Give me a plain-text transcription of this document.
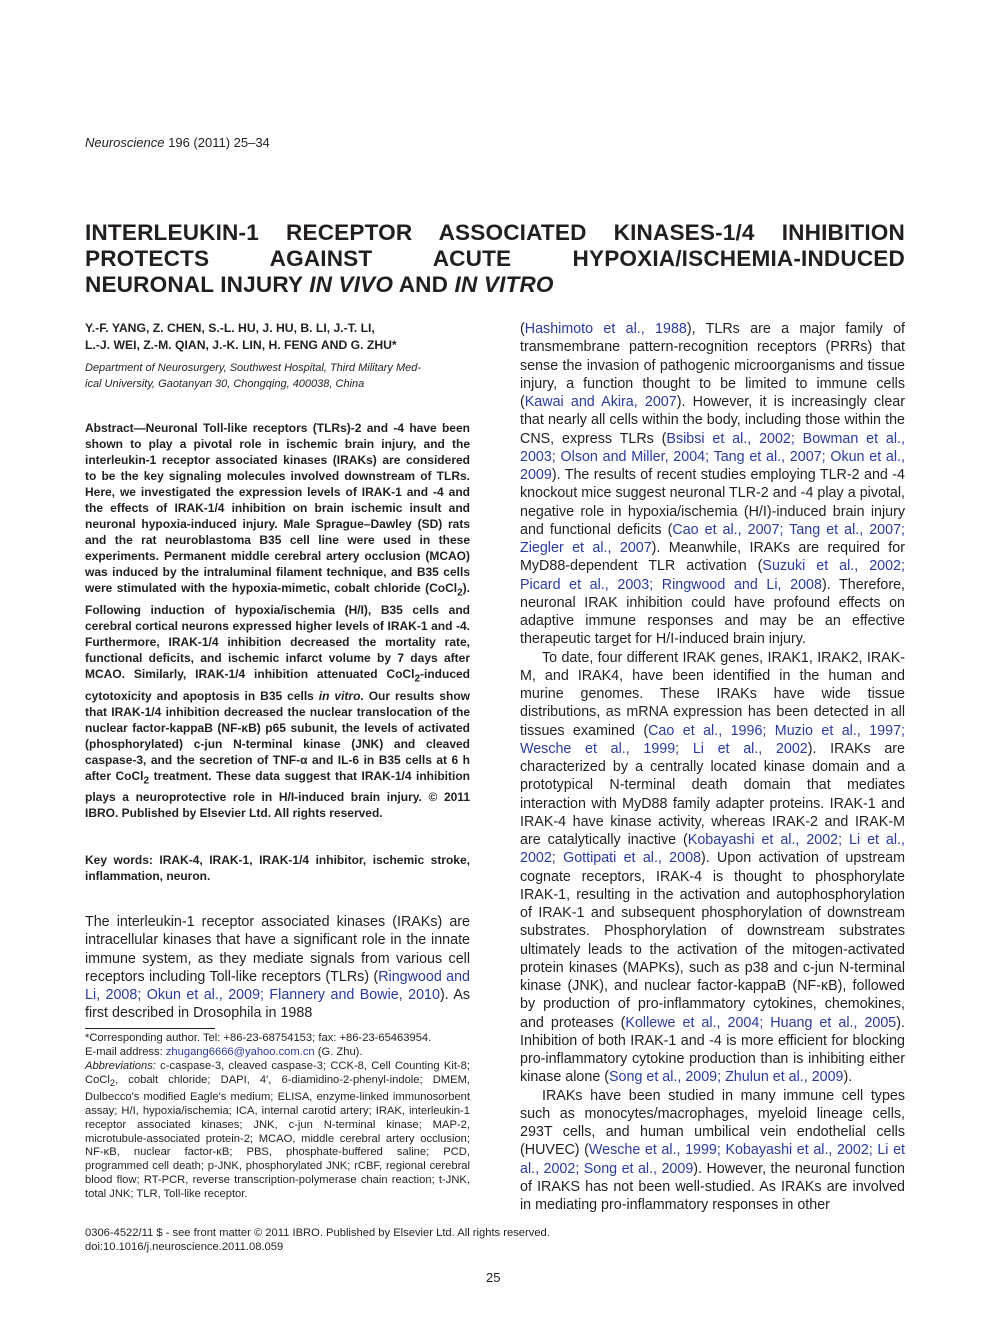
Neuroscience 196 (2011) 25–34
INTERLEUKIN-1 RECEPTOR ASSOCIATED KINASES-1/4 INHIBITION
PROTECTS AGAINST ACUTE HYPOXIA/ISCHEMIA-INDUCED
NEURONAL INJURY IN VIVO AND IN VITRO

Y.-F. YANG, Z. CHEN, S.-L. HU, J. HU, B. LI, J.-T. LI,
L.-J. WEI, Z.-M. QIAN, J.-K. LIN, H. FENG AND G. ZHU*

Department of Neurosurgery, Southwest Hospital, Third Military Med-
ical University, Gaotanyan 30, Chongqing, 400038, China

Abstract—Neuronal Toll-like receptors (TLRs)-2 and -4 have been shown to play a pivotal role in ischemic brain injury, and the interleukin-1 receptor associated kinases (IRAKs) are considered to be the key signaling molecules involved downstream of TLRs. Here, we investigated the expression levels of IRAK-1 and -4 and the effects of IRAK-1/4 inhibition on brain ischemic insult and neuronal hypoxia-induced injury. Male Sprague–Dawley (SD) rats and the rat neuroblastoma B35 cell line were used in these experiments. Permanent middle cerebral artery occlusion (MCAO) was induced by the intraluminal filament technique, and B35 cells were stimulated with the hypoxia-mimetic, cobalt chloride (CoCl$_2$). Following induction of hypoxia/ischemia (H/I), B35 cells and cerebral cortical neurons expressed higher levels of IRAK-1 and -4. Furthermore, IRAK-1/4 inhibition decreased the mortality rate, functional deficits, and ischemic infarct volume by 7 days after MCAO. Similarly, IRAK-1/4 inhibition attenuated CoCl$_2$-induced cytotoxicity and apoptosis in B35 cells in vitro. Our results show that IRAK-1/4 inhibition decreased the nuclear translocation of the nuclear factor-kappaB (NF-κB) p65 subunit, the levels of activated (phosphorylated) c-jun N-terminal kinase (JNK) and cleaved caspase-3, and the secretion of TNF-α and IL-6 in B35 cells at 6 h after CoCl$_2$ treatment. These data suggest that IRAK-1/4 inhibition plays a neuroprotective role in H/I-induced brain injury. © 2011 IBRO. Published by Elsevier Ltd. All rights reserved.

Key words: IRAK-4, IRAK-1, IRAK-1/4 inhibitor, ischemic stroke, inflammation, neuron.

The interleukin-1 receptor associated kinases (IRAKs) are intracellular kinases that have a significant role in the innate immune system, as they mediate signals from various cell receptors including Toll-like receptors (TLRs) (Ringwood and Li, 2008; Okun et al., 2009; Flannery and Bowie, 2010). As first described in Drosophila in 1988

*Corresponding author. Tel: +86-23-68754153; fax: +86-23-65463954.

E-mail address: zhugang6666@yahoo.com.cn (G. Zhu).

Abbreviations: c-caspase-3, cleaved caspase-3; CCK-8, Cell Counting Kit-8; CoCl$_2$, cobalt chloride; DAPI, 4′, 6-diamidino-2-phenyl-indole; DMEM, Dulbecco's modified Eagle's medium; ELISA, enzyme-linked immunosorbent assay; H/I, hypoxia/ischemia; ICA, internal carotid artery; IRAK, interleukin-1 receptor associated kinases; JNK, c-jun N-terminal kinase; MAP-2, microtubule-associated protein-2; MCAO, middle cerebral artery occlusion; NF-κB, nuclear factor-κB; PBS, phosphate-buffered saline; PCD, programmed cell death; p-JNK, phosphorylated JNK; rCBF, regional cerebral blood flow; RT-PCR, reverse transcription-polymerase chain reaction; t-JNK, total JNK; TLR, Toll-like receptor.

(Hashimoto et al., 1988), TLRs are a major family of transmembrane pattern-recognition receptors (PRRs) that sense the invasion of pathogenic microorganisms and tissue injury, a function thought to be limited to immune cells (Kawai and Akira, 2007). However, it is increasingly clear that nearly all cells within the body, including those within the CNS, express TLRs (Bsibsi et al., 2002; Bowman et al., 2003; Olson and Miller, 2004; Tang et al., 2007; Okun et al., 2009). The results of recent studies employing TLR-2 and -4 knockout mice suggest neuronal TLR-2 and -4 play a pivotal, negative role in hypoxia/ischemia (H/I)-induced brain injury and functional deficits (Cao et al., 2007; Tang et al., 2007; Ziegler et al., 2007). Meanwhile, IRAKs are required for MyD88-dependent TLR activation (Suzuki et al., 2002; Picard et al., 2003; Ringwood and Li, 2008). Therefore, neuronal IRAK inhibition could have profound effects on adaptive immune responses and may be an effective therapeutic target for H/I-induced brain injury.

To date, four different IRAK genes, IRAK1, IRAK2, IRAK-M, and IRAK4, have been identified in the human and murine genomes. These IRAKs have wide tissue distributions, as mRNA expression has been detected in all tissues examined (Cao et al., 1996; Muzio et al., 1997; Wesche et al., 1999; Li et al., 2002). IRAKs are characterized by a centrally located kinase domain and a prototypical N-terminal death domain that mediates interaction with MyD88 family adapter proteins. IRAK-1 and IRAK-4 have kinase activity, whereas IRAK-2 and IRAK-M are catalytically inactive (Kobayashi et al., 2002; Li et al., 2002; Gottipati et al., 2008). Upon activation of upstream cognate receptors, IRAK-4 is thought to phosphorylate IRAK-1, resulting in the activation and autophosphorylation of IRAK-1 and subsequent phosphorylation of downstream substrates. Phosphorylation of downstream substrates ultimately leads to the activation of the mitogen-activated protein kinases (MAPKs), such as p38 and c-jun N-terminal kinase (JNK), and nuclear factor-kappaB (NF-κB), followed by production of pro-inflammatory cytokines, chemokines, and proteases (Kollewe et al., 2004; Huang et al., 2005). Inhibition of both IRAK-1 and -4 is more efficient for blocking pro-inflammatory cytokine production than is inhibiting either kinase alone (Song et al., 2009; Zhulun et al., 2009).

IRAKs have been studied in many immune cell types such as monocytes/macrophages, myeloid lineage cells, 293T cells, and human umbilical vein endothelial cells (HUVEC) (Wesche et al., 1999; Kobayashi et al., 2002; Li et al., 2002; Song et al., 2009). However, the neuronal function of IRAKS has not been well-studied. As IRAKs are involved in mediating pro-inflammatory responses in other

0306-4522/11 $ - see front matter © 2011 IBRO. Published by Elsevier Ltd. All rights reserved.
doi:10.1016/j.neuroscience.2011.08.059
25
